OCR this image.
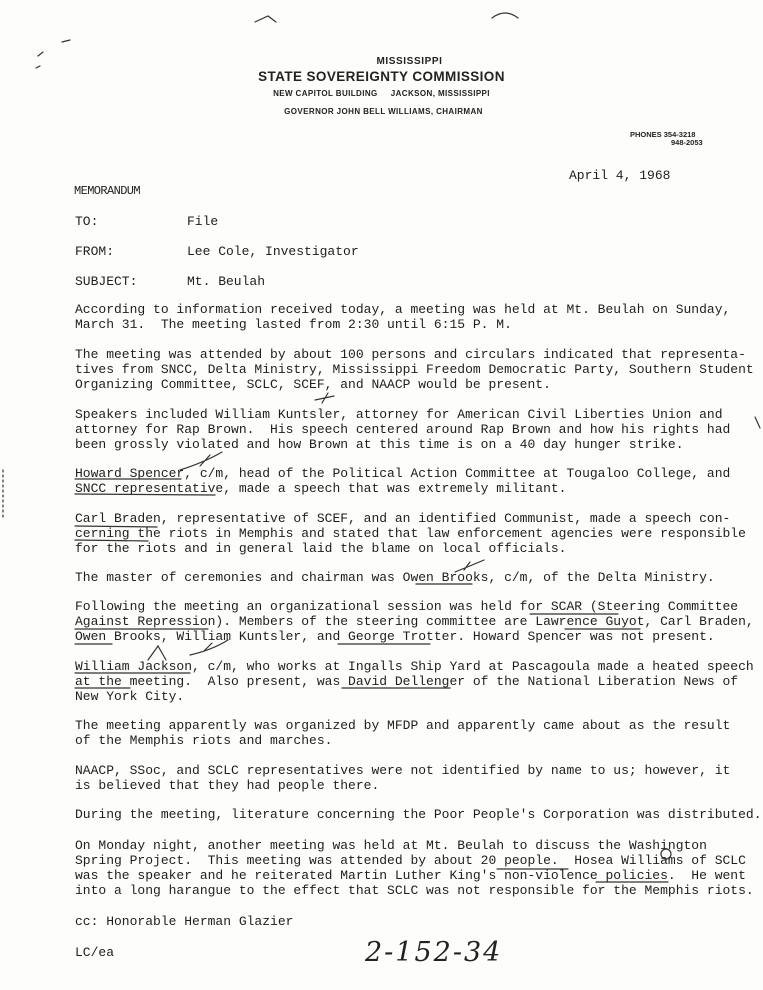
MISSISSIPPI
STATE SOVEREIGNTY COMMISSION
NEW CAPITOL BUILDING JACKSON, MISSISSIPPI
GOVERNOR JOHN BELL WILLIAMS, CHAIRMAN
PHONES 354-3218
948-2053
April 4, 1968
MEMORANDUM
TO:	File
FROM:	Lee Cole, Investigator
SUBJECT:	Mt. Beulah
According to information received today, a meeting was held at Mt. Beulah on Sunday,
March 31.  The meeting lasted from 2:30 until 6:15 P. M.
The meeting was attended by about 100 persons and circulars indicated that representa-
tives from SNCC, Delta Ministry, Mississippi Freedom Democratic Party, Southern Student
Organizing Committee, SCLC, SCEF, and NAACP would be present.
Speakers included William Kuntsler, attorney for American Civil Liberties Union and
attorney for Rap Brown.  His speech centered around Rap Brown and how his rights had
been grossly violated and how Brown at this time is on a 40 day hunger strike.
Howard Spencer, c/m, head of the Political Action Committee at Tougaloo College, and
SNCC representative, made a speech that was extremely militant.
Carl Braden, representative of SCEF, and an identified Communist, made a speech con-
cerning the riots in Memphis and stated that law enforcement agencies were responsible
for the riots and in general laid the blame on local officials.
The master of ceremonies and chairman was Owen Brooks, c/m, of the Delta Ministry.
Following the meeting an organizational session was held for SCAR (Steering Committee
Against Repression). Members of the steering committee are Lawrence Guyot, Carl Braden,
Owen Brooks, William Kuntsler, and George Trotter. Howard Spencer was not present.
William Jackson, c/m, who works at Ingalls Ship Yard at Pascagoula made a heated speech
at the meeting.  Also present, was David Dellenger of the National Liberation News of
New York City.
The meeting apparently was organized by MFDP and apparently came about as the result
of the Memphis riots and marches.
NAACP, SSoc, and SCLC representatives were not identified by name to us; however, it
is believed that they had people there.
During the meeting, literature concerning the Poor People's Corporation was distributed.
On Monday night, another meeting was held at Mt. Beulah to discuss the Washington
Spring Project.  This meeting was attended by about 20 people.  Hosea Williams of SCLC
was the speaker and he reiterated Martin Luther King's non-violence policies.  He went
into a long harangue to the effect that SCLC was not responsible for the Memphis riots.
cc: Honorable Herman Glazier
LC/ea	2-152-34
